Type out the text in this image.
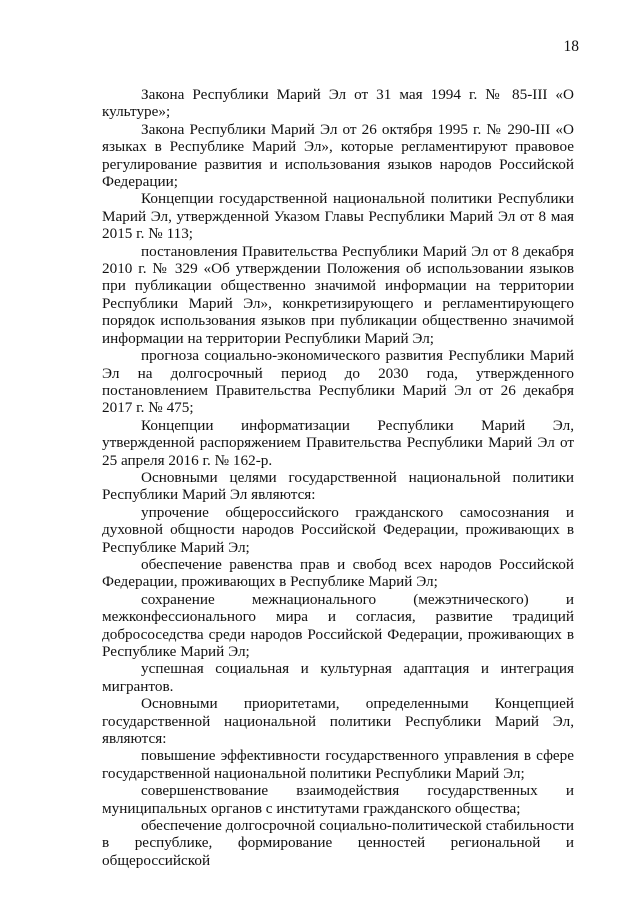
18

Закона Республики Марий Эл от 31 мая 1994 г. № 85-III «О культуре»;

Закона Республики Марий Эл от 26 октября 1995 г. № 290-III «О языках в Республике Марий Эл», которые регламентируют правовое регулирование развития и использования языков народов Российской Федерации;

Концепции государственной национальной политики Республики Марий Эл, утвержденной Указом Главы Республики Марий Эл от 8 мая 2015 г. № 113;

постановления Правительства Республики Марий Эл от 8 декабря 2010 г. № 329 «Об утверждении Положения об использовании языков при публикации общественно значимой информации на территории Республики Марий Эл», конкретизирующего и регламентирующего порядок использования языков при публикации общественно значимой информации на территории Республики Марий Эл;

прогноза социально-экономического развития Республики Марий Эл на долгосрочный период до 2030 года, утвержденного постановлением Правительства Республики Марий Эл от 26 декабря 2017 г. № 475;

Концепции информатизации Республики Марий Эл, утвержденной распоряжением Правительства Республики Марий Эл от 25 апреля 2016 г. № 162-р.

Основными целями государственной национальной политики Республики Марий Эл являются:

упрочение общероссийского гражданского самосознания и духовной общности народов Российской Федерации, проживающих в Республике Марий Эл;

обеспечение равенства прав и свобод всех народов Российской Федерации, проживающих в Республике Марий Эл;

сохранение межнационального (межэтнического) и межконфессионального мира и согласия, развитие традиций добрососедства среди народов Российской Федерации, проживающих в Республике Марий Эл;

успешная социальная и культурная адаптация и интеграция мигрантов.

Основными приоритетами, определенными Концепцией государственной национальной политики Республики Марий Эл, являются:

повышение эффективности государственного управления в сфере государственной национальной политики Республики Марий Эл;

совершенствование взаимодействия государственных и муниципальных органов с институтами гражданского общества;

обеспечение долгосрочной социально-политической стабильности в республике, формирование ценностей региональной и общероссийской
